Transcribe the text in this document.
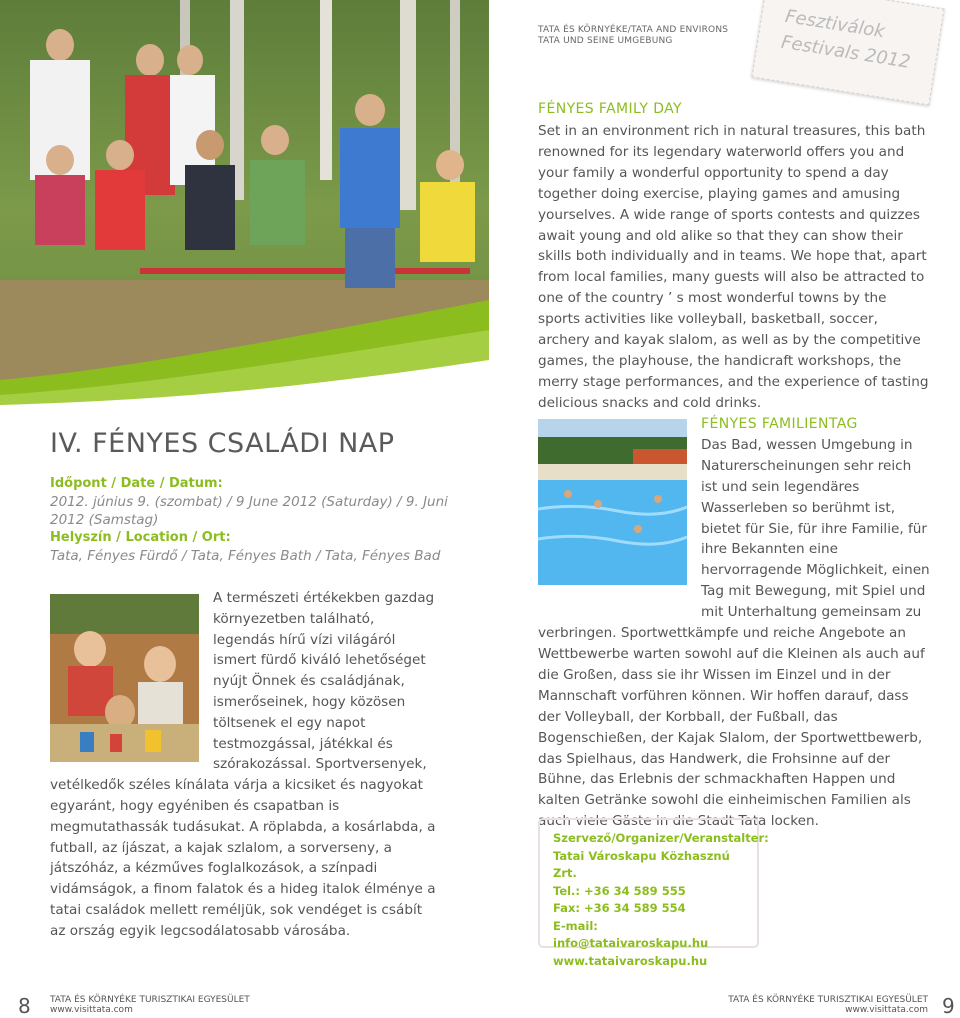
IV. FÉNYES CSALÁDI NAP
Időpont / Date / Datum:
2012. június 9. (szombat) / 9 June 2012 (Saturday) / 9. Juni 2012 (Samstag)
Helyszín / Location / Ort:
Tata, Fényes Fürdő / Tata, Fényes Bath / Tata, Fényes Bad
A természeti értékekben gazdag környezetben található, legendás hírű vízi világáról ismert fürdő kiváló lehetőséget nyújt Önnek és családjának, ismerőseinek, hogy közösen töltsenek el egy napot testmozgással, játékkal és szórakozással. Sportversenyek, vetélkedők széles kínálata várja a kicsiket és nagyokat egyaránt, hogy egyéniben és csapatban is megmutathassák tudásukat. A röplabda, a kosárlabda, a futball, az íjászat, a kajak szlalom, a sorverseny, a játszóház, a kézműves foglalkozások, a színpadi vidámságok, a finom falatok és a hideg italok élménye a tatai családok mellett reméljük, sok vendéget is csábít az ország egyik legcsodálatosabb városába.
TATA ÉS KÖRNYÉKE/TATA AND ENVIRONS
TATA UND SEINE UMGEBUNG	Fesztiválok
Festivals 2012
FÉNYES FAMILY DAY
Set in an environment rich in natural treasures, this bath renowned for its legendary waterworld offers you and your family a wonderful opportunity to spend a day together doing exercise, playing games and amusing yourselves. A wide range of sports contests and quizzes await young and old alike so that they can show their skills both individually and in teams. We hope that, apart from local families, many guests will also be attracted to one of the country ’ s most wonderful towns by the sports activities like volleyball, basketball, soccer, archery and kayak slalom, as well as by the competitive games, the playhouse, the handicraft workshops, the merry stage performances, and the experience of tasting delicious snacks and cold drinks.
FÉNYES FAMILIENTAG
Das Bad, wessen Umgebung in Naturerscheinungen sehr reich ist und sein legendäres Wasserleben so berühmt ist, bietet für Sie, für ihre Familie, für ihre Bekannten eine hervorragende Möglichkeit, einen Tag mit Bewegung, mit Spiel und mit Unterhaltung gemeinsam zu verbringen. Sportwettkämpfe und reiche Angebote an Wettbewerbe warten sowohl auf die Kleinen als auch auf die Großen, dass sie ihr Wissen im Einzel und in der Mannschaft vorführen können. Wir hoffen darauf, dass der Volleyball, der Korbball, der Fußball, das Bogenschießen, der Kajak Slalom, der Sportwettbewerb, das Spielhaus, das Handwerk, die Frohsinne auf der Bühne, das Erlebnis der schmackhaften Happen und kalten Getränke sowohl die einheimischen Familien als auch viele Gäste in die Stadt Tata locken.
Szervező/Organizer/Veranstalter:
Tatai Városkapu Közhasznú Zrt.
Tel.: +36 34 589 555
Fax: +36 34 589 554
E-mail: info@tataivaroskapu.hu
www.tataivaroskapu.hu
8 TATA ÉS KÖRNYÉKE TURISZTIKAI EGYESÜLET
www.visittata.com
TATA ÉS KÖRNYÉKE TURISZTIKAI EGYESÜLET
www.visittata.com 9
